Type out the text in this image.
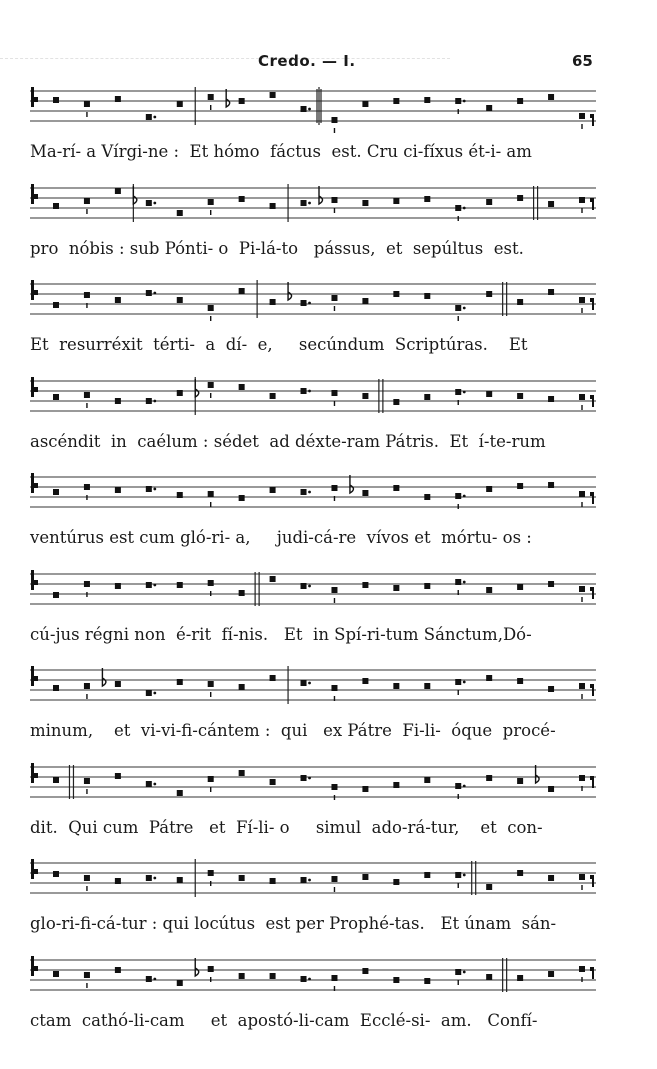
Credo. — I.	65
Ma-rí- a Vírgi-ne :  Et hómo  fáctus  est. Cru ci-fíxus ét-i- am
pro  nóbis : sub Pónti- o  Pi-lá-to   pássus,  et  sepúltus  est.
Et  resurréxit  térti-  a  dí-  e,     secúndum  Scriptúras.    Et
ascéndit  in  caélum : sédet  ad déxte-ram Pátris.  Et  í-te-rum
ventúrus est cum gló-ri- a,     judi-cá-re  vívos et  mórtu- os :
cú-jus régni non  é-rit  fí-nis.   Et  in Spí-ri-tum Sánctum,Dó-
minum,    et  vi-vi-fi-cántem :  qui   ex Pátre  Fi-li-  óque  procé-
dit.  Qui cum  Pátre   et  Fí-li- o     simul  ado-rá-tur,    et  con-
glo-ri-fi-cá-tur : qui locútus  est per Prophé-tas.   Et únam  sán-
ctam  cathó-li-cam     et  apostó-li-cam  Ecclé-si-  am.   Confí-
